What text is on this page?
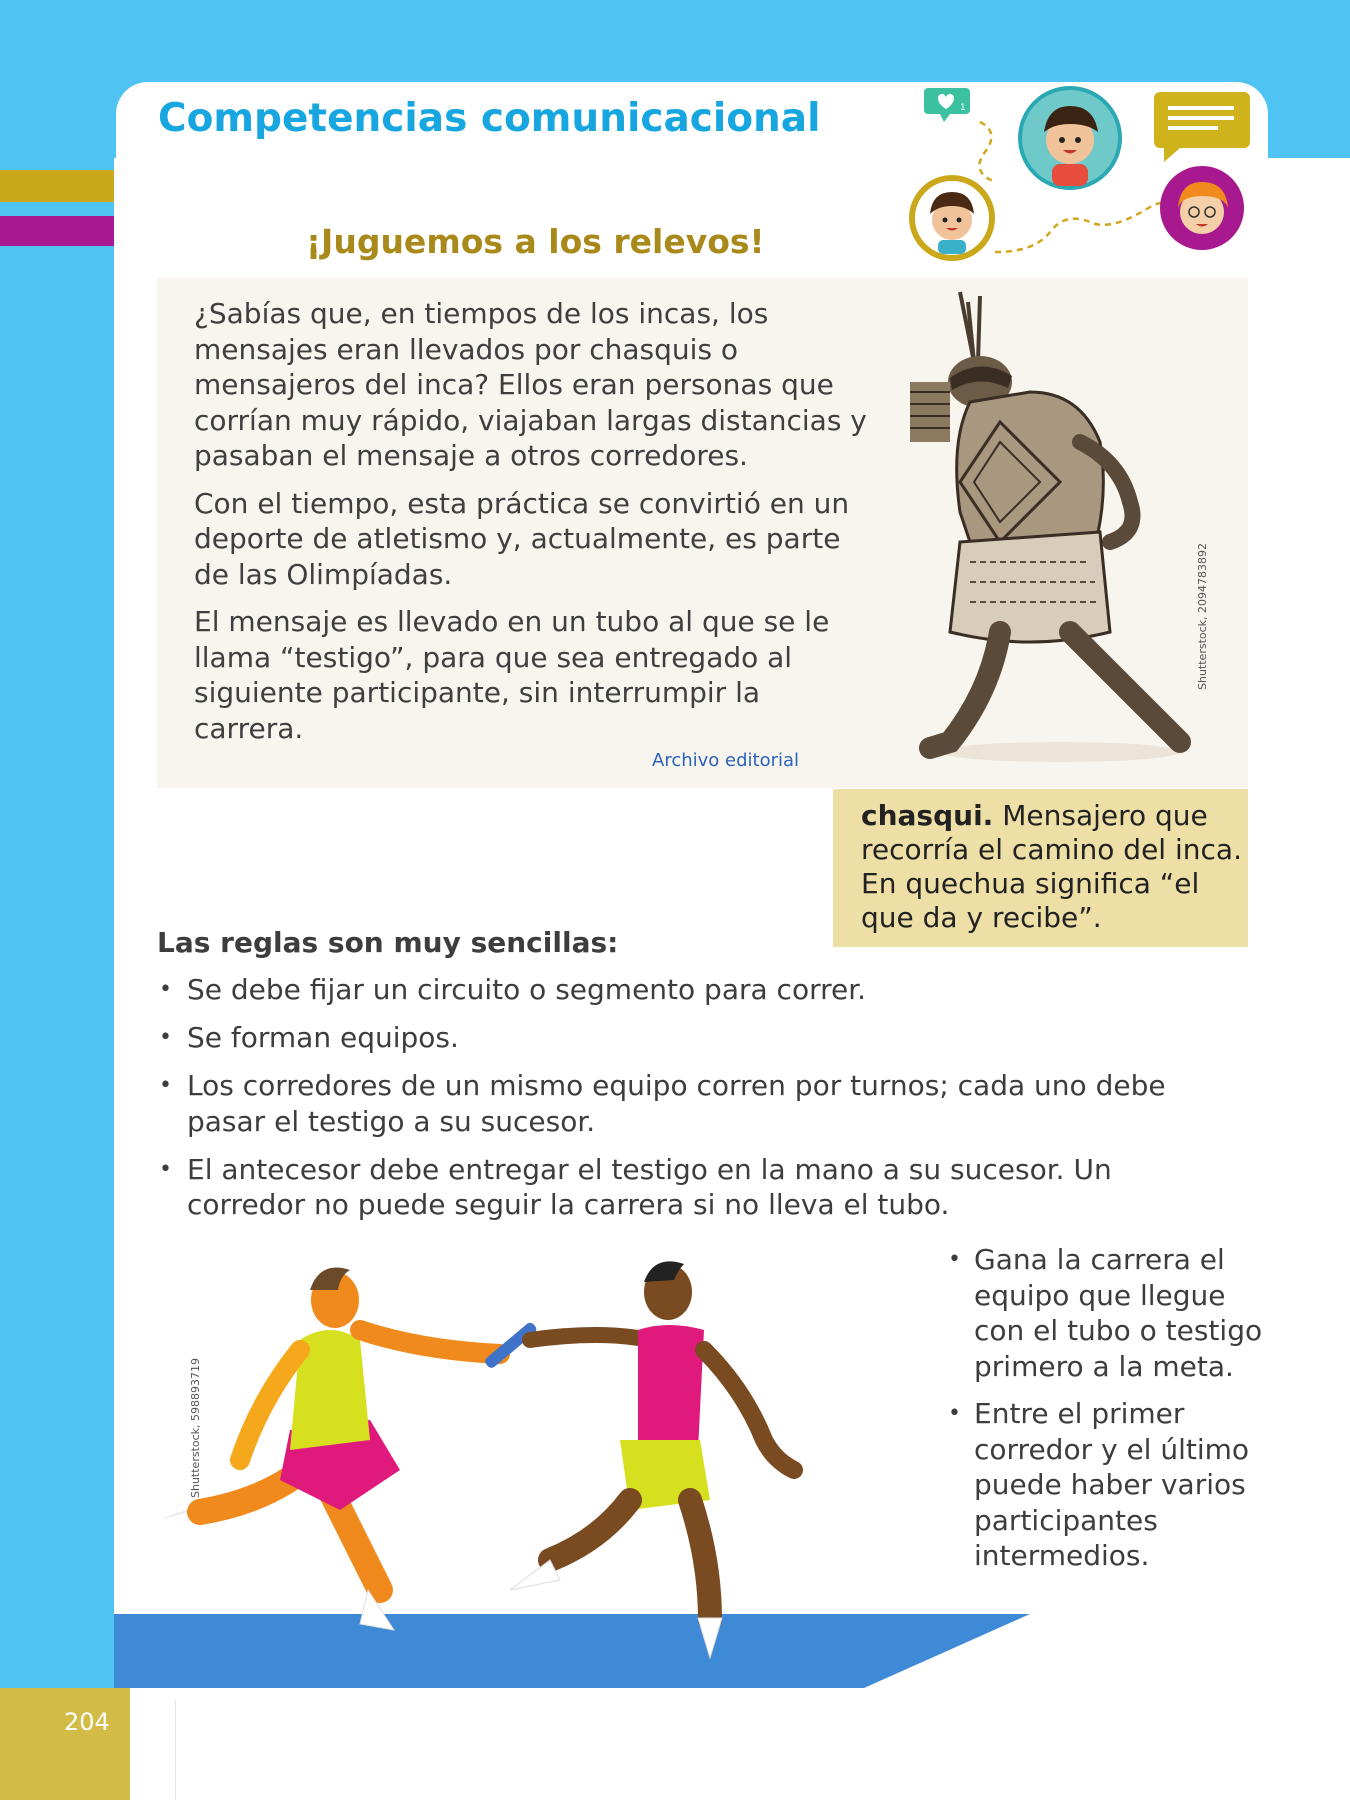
Competencias comunicacional	1
¡Juguemos a los relevos!

¿Sabías que, en tiempos de los incas, los mensajes eran llevados por chasquis o mensajeros del inca? Ellos eran personas que corrían muy rápido, viajaban largas distancias y pasaban el mensaje a otros corredores.

Con el tiempo, esta práctica se convirtió en un deporte de atletismo y, actualmente, es parte de las Olimpíadas.

El mensaje es llevado en un tubo al que se le llama “testigo”, para que sea entregado al siguiente participante, sin interrumpir la carrera.

Archivo editorial
Shutterstock, 2094783892
chasqui. Mensajero que recorría el camino del inca. En quechua significa “el que da y recibe”.
Las reglas son muy sencillas:
• Se debe fijar un circuito o segmento para correr.
• Se forman equipos.
• Los corredores de un mismo equipo corren por turnos; cada uno debe pasar el testigo a su sucesor.
• El antecesor debe entregar el testigo en la mano a su sucesor. Un corredor no puede seguir la carrera si no lleva el tubo.
Shutterstock, 598893719
• Gana la carrera el equipo que llegue con el tubo o testigo primero a la meta.
• Entre el primer corredor y el último puede haber varios participantes intermedios.

204
